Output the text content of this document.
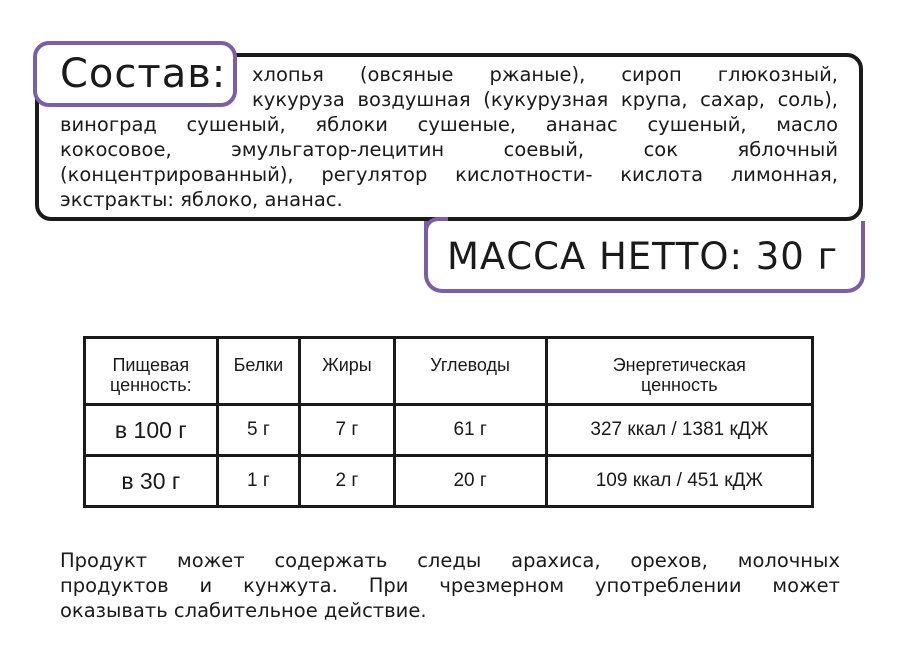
Состав:	хлопья (овсяные ржаные), сироп глюкозный,
кукуруза воздушная (кукурузная крупа, сахар, соль),
виноград сушеный, яблоки сушеные, ананас сушеный, масло
кокосовое, эмульгатор-лецитин соевый, сок яблочный
(концентрированный), регулятор кислотности- кислота лимонная,
экстракты: яблоко, ананас.
МАССА НЕТТО: 30 г
Пищевая ценность:	Белки	Жиры	Углеводы	Энергетическая ценность
в 100 г	5 г	7 г	61 г	327 ккал / 1381 кДЖ
в 30 г	1 г	2 г	20 г	109 ккал / 451 кДЖ
Продукт может содержать следы арахиса, орехов, молочных
продуктов и кунжута. При чрезмерном употреблении может
оказывать слабительное действие.
